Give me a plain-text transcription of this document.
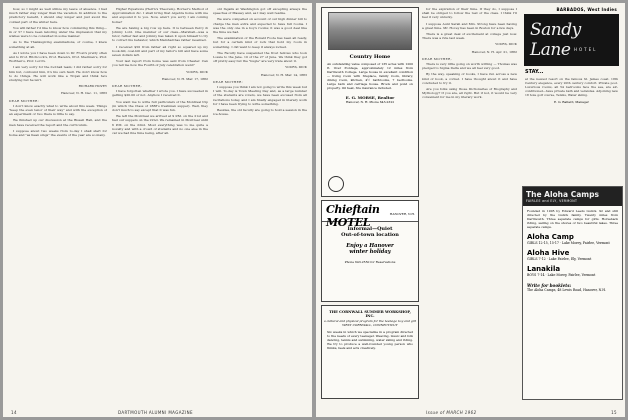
how, so I might as well utilize my leave of absence. I had much rather stay longer than the vacation. In addition to the predictory benefit, I should stay longer and just avoid the coldest part of the winter here.

You will father I'd like to know how commuting this thing—in or 5? I have been laboring under the impression that my wishes were to be consulted in some manner.

As to the Thanksgiving examinations, of course, I knew something at all.

As I wrote you I have been down to Dr. Frost's pretty often and to Prof. Hitchcock's, Prof. Hazen's, Prof. Sherman's, Prof. Worthen's, Prof. Lord's.

I am very sorry for the football team; I did rather sorry for him but, confound him, it's his own fault. He don't know how to do things. He will work like a Trojan and think he's studying but he isn't.

RICHARD HOVEY

Hanover, N. H. Dec. 11, 1883

DEAR MOTHER:

I don't know exactly what to write about this week. Things "keep the even tenor of their way" and with the exception of an experiment or two there is little to say.

We finished up our discussion at the Bissell Hall, and the men have received the report and the curriculum.

I suppose about two weeks from to-day I shall start for home and "as Kean sings" the events of the year are so many.

Higher Equations (Herrn's Theorem), Horner's Method of Approximation &c. I shall bring that Algebra home with me and expound it to you. Now, aren't you sorry I am coming home?

We are having a big row up here. It is between Percy & Johnny Lord. One member of our class—Marshall—was a tutor, rather fast and Johnny has taken it upon himself to try to correct his behavior, which Marshall has rather resented.

I received $50 from father all right so squared up my book-bill, coal-bill and part of my tailor's bill and have some seven dollars left.

Your last report from home was sent from Chester. Can you tell me how the Fourth of July celebration went?

YOURS, DICK

Hanover, N. H. Mar. 17, 1882

DEAR MOTHER,

I have forgotten whether I wrote you. I have succeeded in getting $20.00 or not. Anyhow I received it.

You want me to write full particulars of the Montreal trip (in which the Class of 1888's freshman supper). Well, they don't much to say except that it was fun.

We left the Montreal we arrived at 9 P.M. on the 21st and had our suppers on the 22nd. We remained in Montreal until 6 P.M. on the 22nd. Most everything was to me quite a novelty and with a crowd of students and no one else in the car we had fine time being, after all.

old Ingalls at Washington got off excepting always the speeches of Massey and, as I may well realize.

We were compelled on account of our high dinner bill to charge the men extra and expected to have full rooms. I was the only one in a boy's rooms; it was a good deal like the time we had.

The examination of the Ronald Foote has been all ready, but for a certain kind of lock that hold my room in something. I did want to keep it always locked.

The Faculty have suspended the frost fellows who took Lossie to the Jane. 10 of the 27 of June. We think they got off pretty easy but the "bugle" are very irate about it.

YOURS, DICK

Hanover, N. H. Mar. 14, 1883

DEAR MOTHER:

I suppose you think I am not going to write this week but I will. To-day is Town Meeting Day and, as a large number of the students are voters, we have been excused from all recitations today, and I am finally engaged in literary work for I have been trying to write something.

Besides, the old faculty are going to hold a session in the ice-house.

14	DARTMOUTH ALUMNI MAGAZINE
Country Home
An outstanding value composed of 135 acres with 1200 ft. river frontage, approximately 12 miles from Dartmouth College. Large house in excellent condition — living room with fireplace, family room, library, dining room, kitchen, 4½ bathrooms, 7 bedrooms. Large barn and carriage house. Brook and pond on property. Oil heat, fire insurance included.
E. G. MORSE, Realtor
Hanover, N. H. Phone 643-2322
Chieftain MOTEL
HANOVER, N.H.
Informal—Quiet
Out-of-town location
Enjoy a Hanover
winter holiday
Phone 643-2550 for Reservations
THE CORNWALL SUMMER WORKSHOP, INC.
a cultural and physical program for the teenage boy and girl
WEST CORNWALL, CONNECTICUT
Six weeks in which we specialize in a program directed to the needs of every teenager. Weaving, music and folk dancing, tennis and swimming, water skiing and riding. We try to produce a well-rounded young person who thinks, feels and acts creatively.

for the expiration of their time. If they do, I suppose I shall be obliged to follow the rest of the class. I think I'll feel it very unlucky.

I suppose Aunt Sarah and Mrs. Strong have been having a great time. Mr. Hovey has been in Boston for a few days.

There is a great deal of excitement at college just now. There was a ride last week.

YOURS, DICK

Hanover, N. H. Apr. 21, 1882

DEAR MOTHER,

There is very little going on worth writing — Thomas was pledged to Sigma Delta and we all feel very good.

By the way, speaking of books, I have run across a new kind of book, a cornet. I have thought about it and have concluded to try it.

Are you folks using those Dictionaries of Biography and Mythology? If you are, all right. But if not, it would be very convenient for me in my literary work.

BARBADOS, West Indies
Sandy Lane HOTEL
STAY...
at the newest resort on the famous St. James coast. 18th Century elegance, every 20th century comfort. Private pool. Luxurious rooms, all 54 bedrooms face the sea, are air-conditioned—have private bath and verandas. Adjoining new 18 hole golf course, Tennis, Water skiing.
E. G. Ballard, Manager
The Aloha Camps
FAIRLEE and ELY, VERMONT
Founded in 1905 by Edward Leeds Gulick. 92 and still directed by the Gulick family. Twenty miles from Dartmouth. Three separate camps for girls. Horseback riding, sailing on the shores of two beautiful lakes. Three separate camps.
Aloha Camp
GIRLS 12-15, 15-17 · Lake Morey, Fairlee, Vermont
Aloha Hive
GIRLS 7-12 · Lake Fairlee, Ely, Vermont
Lanakila
BOYS 7-14 · Lake Morey, Fairlee, Vermont
Write for booklets:
The Aloha Camps, 48 Lewis Road, Hanover, N.H.
Issue of MARCH 1962	15
